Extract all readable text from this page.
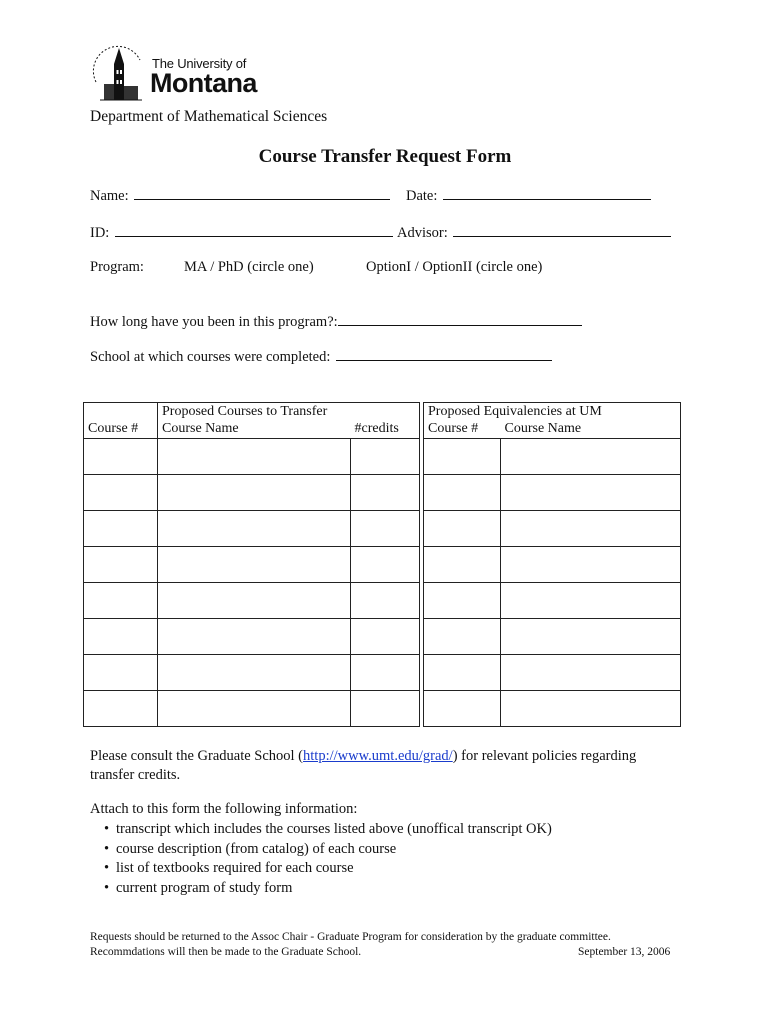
The University of
Montana
Department of Mathematical Sciences
Course Transfer Request Form
Name:	Date:
ID:	Advisor:
Program:	MA / PhD (circle one)	OptionI / OptionII (circle one)
How long have you been in this program?:
School at which courses were completed:
	Proposed Courses to Transfer			Proposed Equivalencies at UM	
Course #	Course Name	#credits		Course #	Course Name

Please consult the Graduate School (http://www.umt.edu/grad/) for relevant policies regarding
transfer credits.
Attach to this form the following information:
• transcript which includes the courses listed above (unoffical transcript OK)
• course description (from catalog) of each course
• list of textbooks required for each course
• current program of study form
Requests should be returned to the Assoc Chair - Graduate Program for consideration by the graduate committee.
Recommdations will then be made to the Graduate School.	September 13, 2006
